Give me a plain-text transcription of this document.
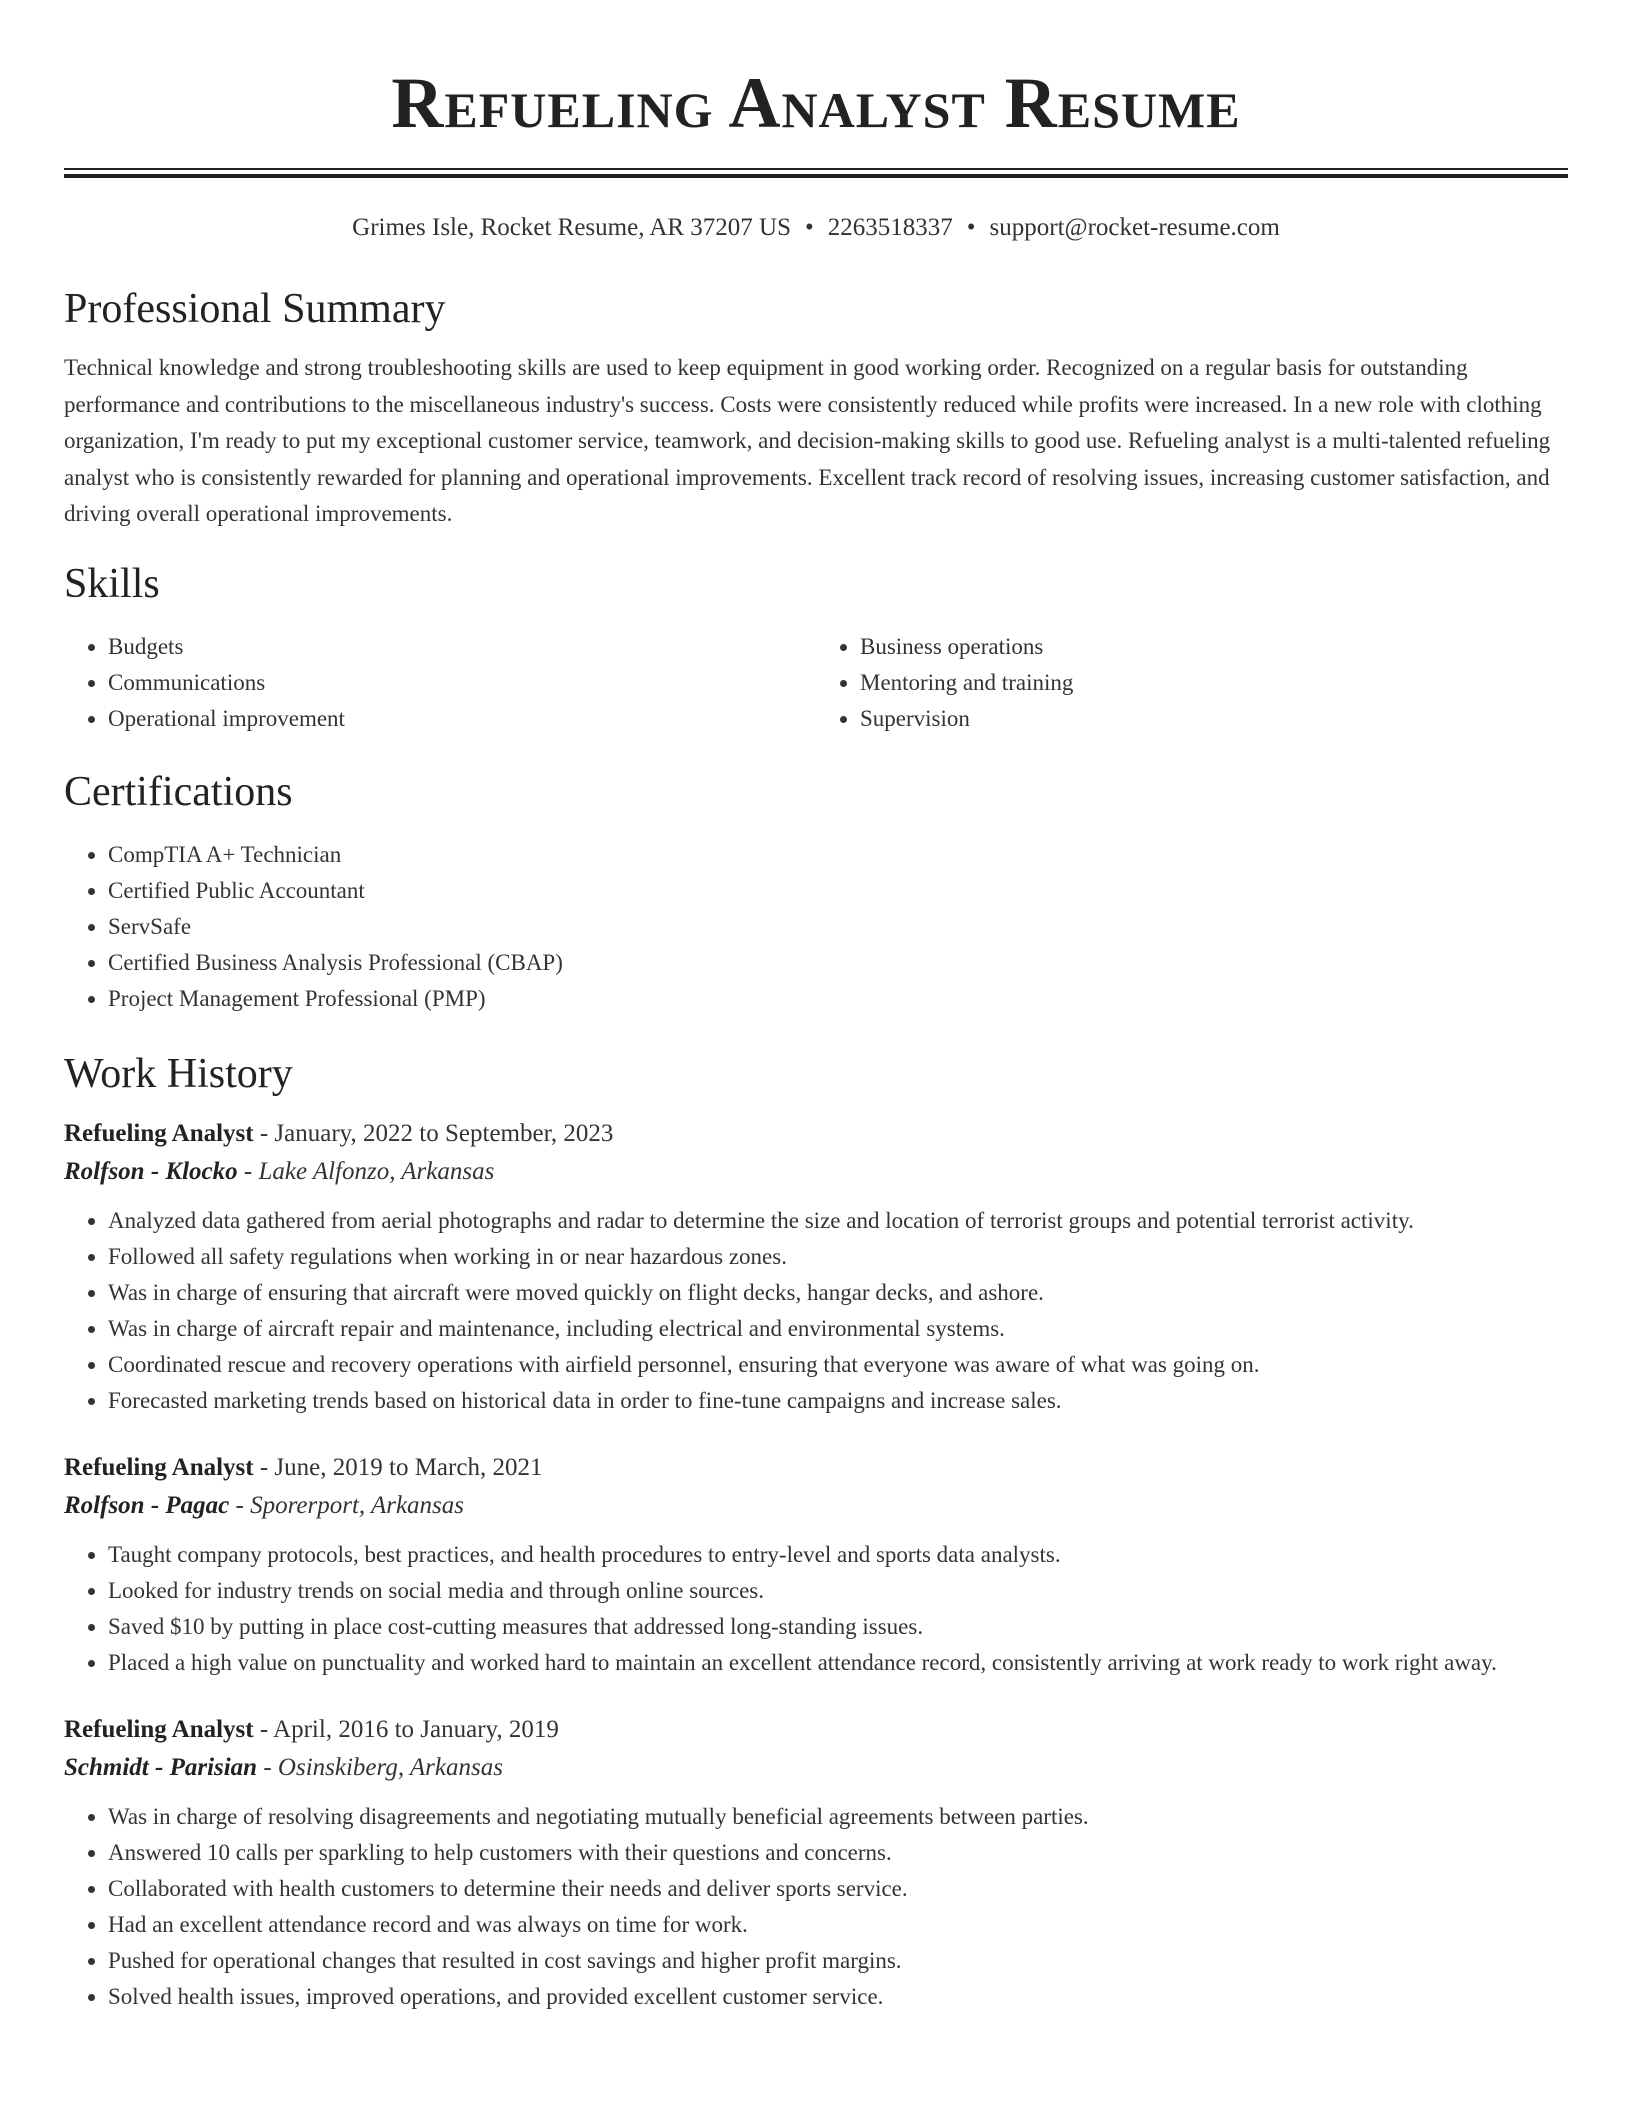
Refueling Analyst Resume
Grimes Isle, Rocket Resume, AR 37207 US • 2263518337 • support@rocket-resume.com
Professional Summary

Technical knowledge and strong troubleshooting skills are used to keep equipment in good working order. Recognized on a regular basis for outstanding performance and contributions to the miscellaneous industry's success. Costs were consistently reduced while profits were increased. In a new role with clothing organization, I'm ready to put my exceptional customer service, teamwork, and decision-making skills to good use. Refueling analyst is a multi-talented refueling analyst who is consistently rewarded for planning and operational improvements. Excellent track record of resolving issues, increasing customer satisfaction, and driving overall operational improvements.

Skills
• Budgets
• Communications
• Operational improvement
• Business operations
• Mentoring and training
• Supervision
Certifications
• CompTIA A+ Technician
• Certified Public Accountant
• ServSafe
• Certified Business Analysis Professional (CBAP)
• Project Management Professional (PMP)
Work History
Refueling Analyst - January, 2022 to September, 2023
Rolfson - Klocko - Lake Alfonzo, Arkansas
• Analyzed data gathered from aerial photographs and radar to determine the size and location of terrorist groups and potential terrorist activity.
• Followed all safety regulations when working in or near hazardous zones.
• Was in charge of ensuring that aircraft were moved quickly on flight decks, hangar decks, and ashore.
• Was in charge of aircraft repair and maintenance, including electrical and environmental systems.
• Coordinated rescue and recovery operations with airfield personnel, ensuring that everyone was aware of what was going on.
• Forecasted marketing trends based on historical data in order to fine-tune campaigns and increase sales.
Refueling Analyst - June, 2019 to March, 2021
Rolfson - Pagac - Sporerport, Arkansas
• Taught company protocols, best practices, and health procedures to entry-level and sports data analysts.
• Looked for industry trends on social media and through online sources.
• Saved $10 by putting in place cost-cutting measures that addressed long-standing issues.
• Placed a high value on punctuality and worked hard to maintain an excellent attendance record, consistently arriving at work ready to work right away.
Refueling Analyst - April, 2016 to January, 2019
Schmidt - Parisian - Osinskiberg, Arkansas
• Was in charge of resolving disagreements and negotiating mutually beneficial agreements between parties.
• Answered 10 calls per sparkling to help customers with their questions and concerns.
• Collaborated with health customers to determine their needs and deliver sports service.
• Had an excellent attendance record and was always on time for work.
• Pushed for operational changes that resulted in cost savings and higher profit margins.
• Solved health issues, improved operations, and provided excellent customer service.
